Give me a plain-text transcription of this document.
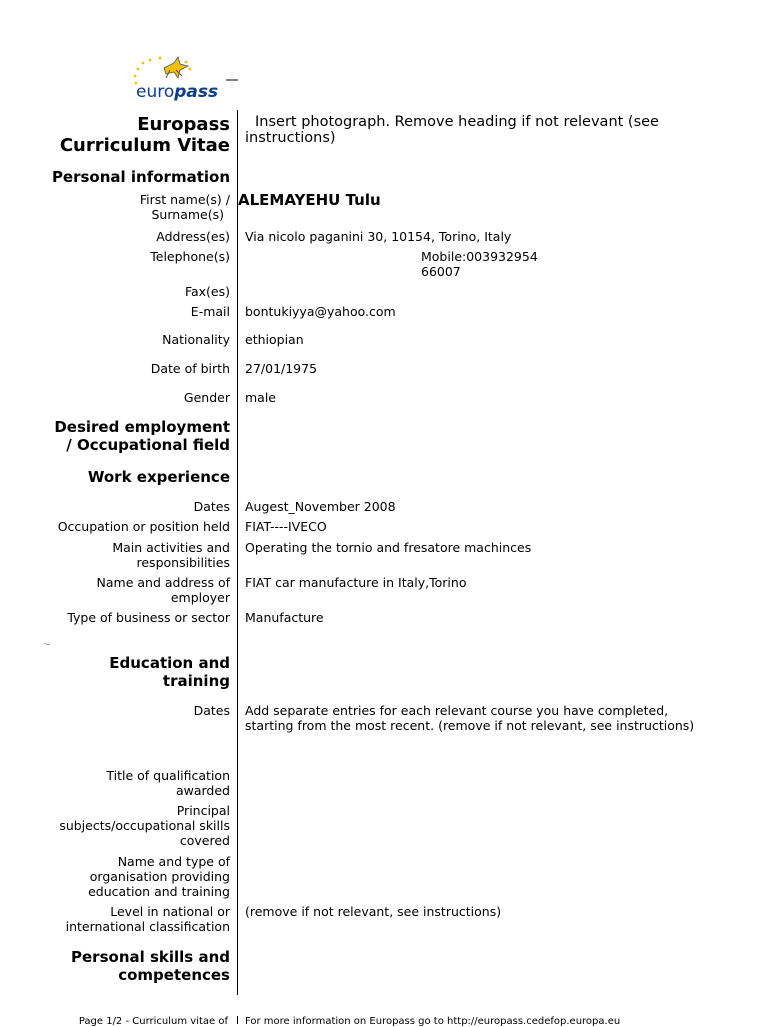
europass
Europass
Curriculum Vitae
Insert photograph. Remove heading if not relevant (see
instructions)
Personal information
First name(s) /
Surname(s)
ALEMAYEHU Tulu
Address(es) Via nicolo paganini 30, 10154, Torino, Italy
Telephone(s)	Mobile:003932954
66007
Fax(es)
E-mail bontukiyya@yahoo.com
Nationality ethiopian
Date of birth 27/01/1975
Gender male
Desired employment
/ Occupational field
Work experience
Dates Augest_November 2008
Occupation or position held FIAT----IVECO
Main activities and
responsibilities
Operating the tornio and fresatore machinces
Name and address of
employer
FIAT car manufacture in Italy,Torino
Type of business or sector Manufacture
·–
Education and
training
Dates Add separate entries for each relevant course you have completed,
starting from the most recent. (remove if not relevant, see instructions)
Title of qualification
awarded
Principal
subjects/occupational skills
covered
Name and type of
organisation providing
education and training
Level in national or
international classification
(remove if not relevant, see instructions)
Personal skills and
competences
Page 1/2 - Curriculum vitae of For more information on Europass go to http://europass.cedefop.europa.eu
